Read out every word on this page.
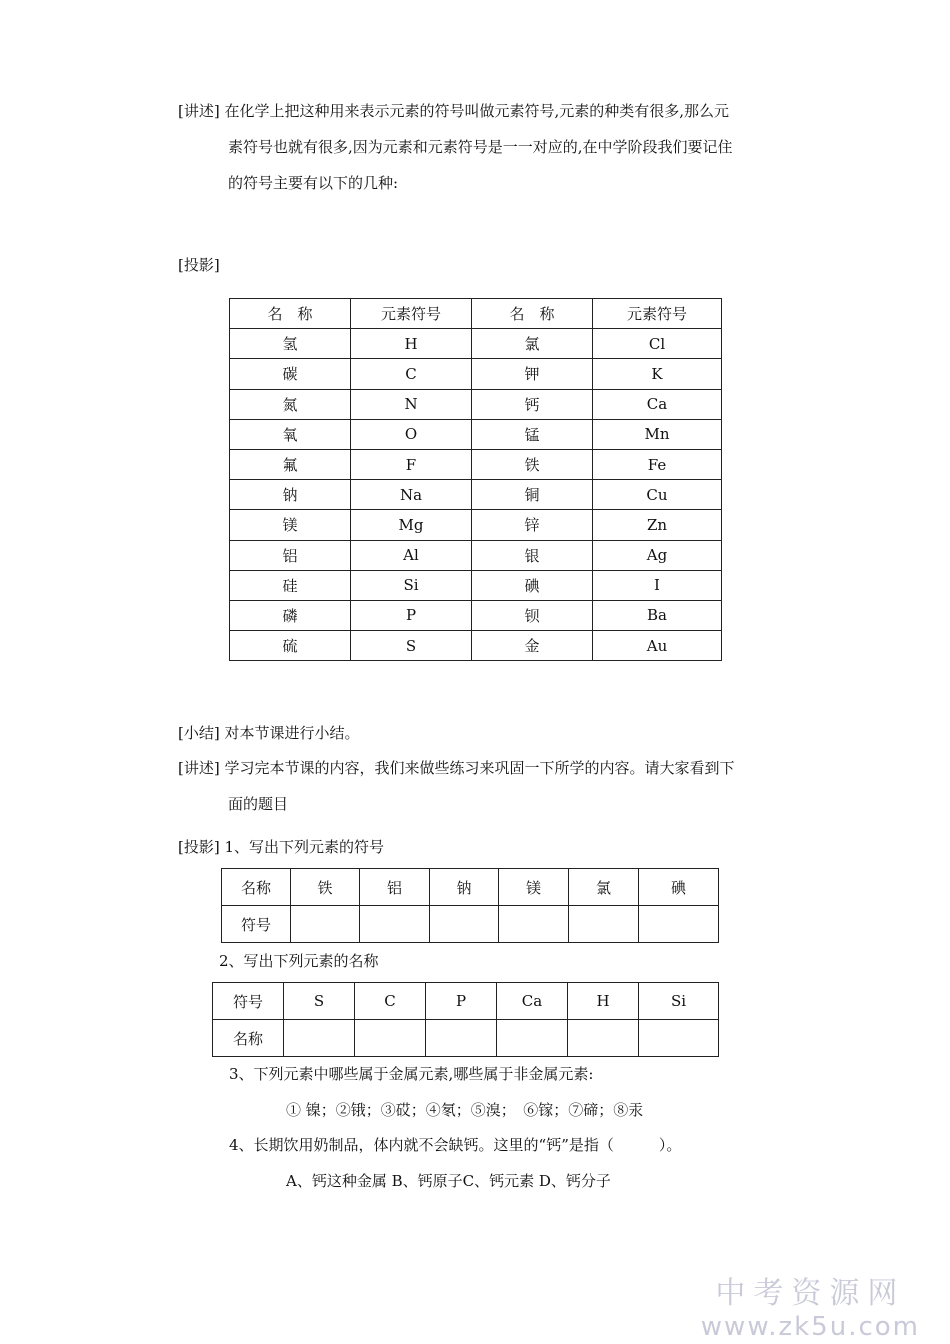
[讲述] 在化学上把这种用来表示元素的符号叫做元素符号,元素的种类有很多,那么元
素符号也就有很多,因为元素和元素符号是一一对应的,在中学阶段我们要记住
的符号主要有以下的几种:
[投影]
名　称	元素符号	名　称	元素符号
氢	H	氯	Cl
碳	C	钾	K
氮	N	钙	Ca
氧	O	锰	Mn
氟	F	铁	Fe
钠	Na	铜	Cu
镁	Mg	锌	Zn
铝	Al	银	Ag
硅	Si	碘	I
磷	P	钡	Ba
硫	S	金	Au
[小结] 对本节课进行小结。
[讲述] 学习完本节课的内容，我们来做些练习来巩固一下所学的内容。请大家看到下
面的题目
[投影] 1、写出下列元素的符号
名称	铁	铝	钠	镁	氯	碘
符号						
2、写出下列元素的名称
符号	S	C	P	Ca	H	Si
名称						
3、下列元素中哪些属于金属元素,哪些属于非金属元素:
① 镍；②锇；③砹；④氡；⑤溴；　⑥镓；⑦碲；⑧汞
4、长期饮用奶制品，体内就不会缺钙。这里的“钙”是指（　　　）。
A、钙这种金属 B、钙原子C、钙元素 D、钙分子
中考资源网
www.zk5u.com
